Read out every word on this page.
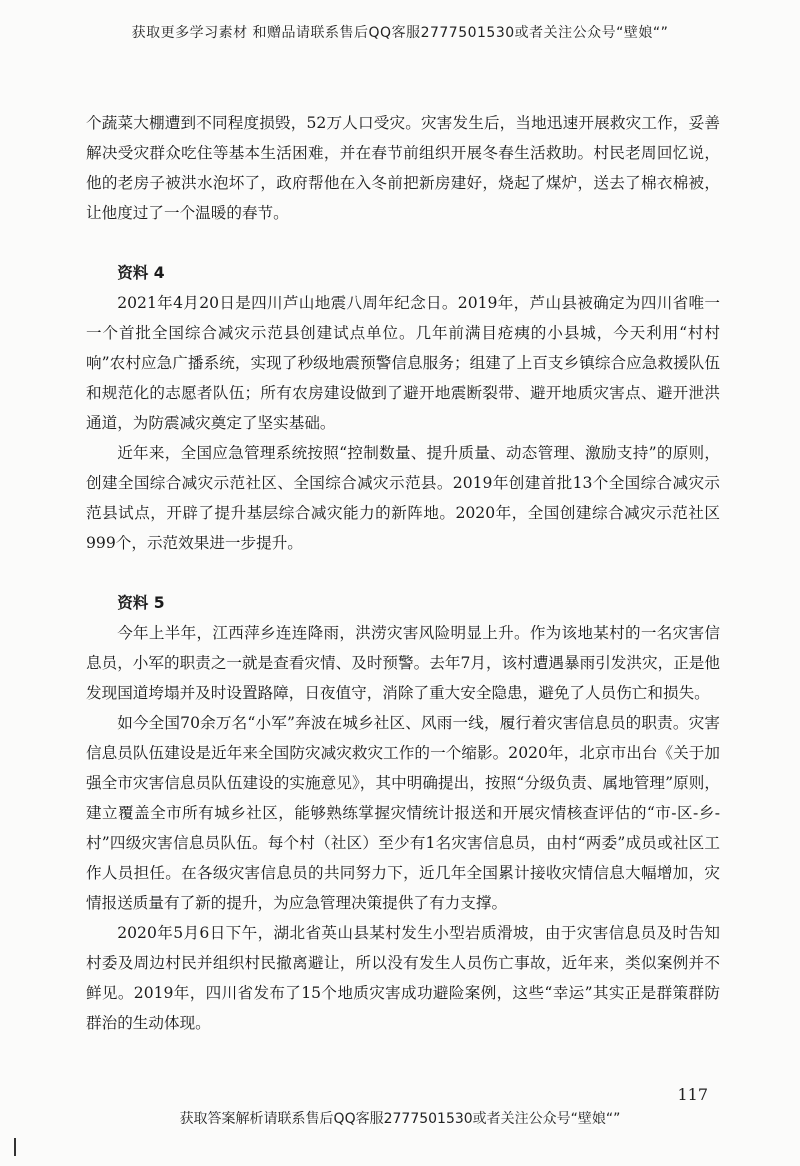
获取更多学习素材 和赠品请联系售后QQ客服2777501530或者关注公众号“壁娘“”

个蔬菜大棚遭到不同程度损毁，52万人口受灾。灾害发生后，当地迅速开展救灾工作，妥善解决受灾群众吃住等基本生活困难，并在春节前组织开展冬春生活救助。村民老周回忆说，他的老房子被洪水泡坏了，政府帮他在入冬前把新房建好，烧起了煤炉，送去了棉衣棉被，让他度过了一个温暖的春节。

资料 4

2021年4月20日是四川芦山地震八周年纪念日。2019年，芦山县被确定为四川省唯一一个首批全国综合减灾示范县创建试点单位。几年前满目疮痍的小县城，今天利用“村村响”农村应急广播系统，实现了秒级地震预警信息服务；组建了上百支乡镇综合应急救援队伍和规范化的志愿者队伍；所有农房建设做到了避开地震断裂带、避开地质灾害点、避开泄洪通道，为防震减灾奠定了坚实基础。

近年来，全国应急管理系统按照“控制数量、提升质量、动态管理、激励支持”的原则，创建全国综合减灾示范社区、全国综合减灾示范县。2019年创建首批13个全国综合减灾示范县试点，开辟了提升基层综合减灾能力的新阵地。2020年，全国创建综合减灾示范社区999个，示范效果进一步提升。

资料 5

今年上半年，江西萍乡连连降雨，洪涝灾害风险明显上升。作为该地某村的一名灾害信息员，小军的职责之一就是查看灾情、及时预警。去年7月，该村遭遇暴雨引发洪灾，正是他发现国道垮塌并及时设置路障，日夜值守，消除了重大安全隐患，避免了人员伤亡和损失。

如今全国70余万名“小军”奔波在城乡社区、风雨一线，履行着灾害信息员的职责。灾害信息员队伍建设是近年来全国防灾减灾救灾工作的一个缩影。2020年，北京市出台《关于加强全市灾害信息员队伍建设的实施意见》，其中明确提出，按照“分级负责、属地管理”原则，建立覆盖全市所有城乡社区，能够熟练掌握灾情统计报送和开展灾情核查评估的“市-区-乡-村”四级灾害信息员队伍。每个村（社区）至少有1名灾害信息员，由村“两委”成员或社区工作人员担任。在各级灾害信息员的共同努力下，近几年全国累计接收灾情信息大幅增加，灾情报送质量有了新的提升，为应急管理决策提供了有力支撑。

2020年5月6日下午，湖北省英山县某村发生小型岩质滑坡，由于灾害信息员及时告知村委及周边村民并组织村民撤离避让，所以没有发生人员伤亡事故，近年来，类似案例并不鲜见。2019年，四川省发布了15个地质灾害成功避险案例，这些“幸运”其实正是群策群防群治的生动体现。

117
获取答案解析请联系售后QQ客服2777501530或者关注公众号“壁娘“”
